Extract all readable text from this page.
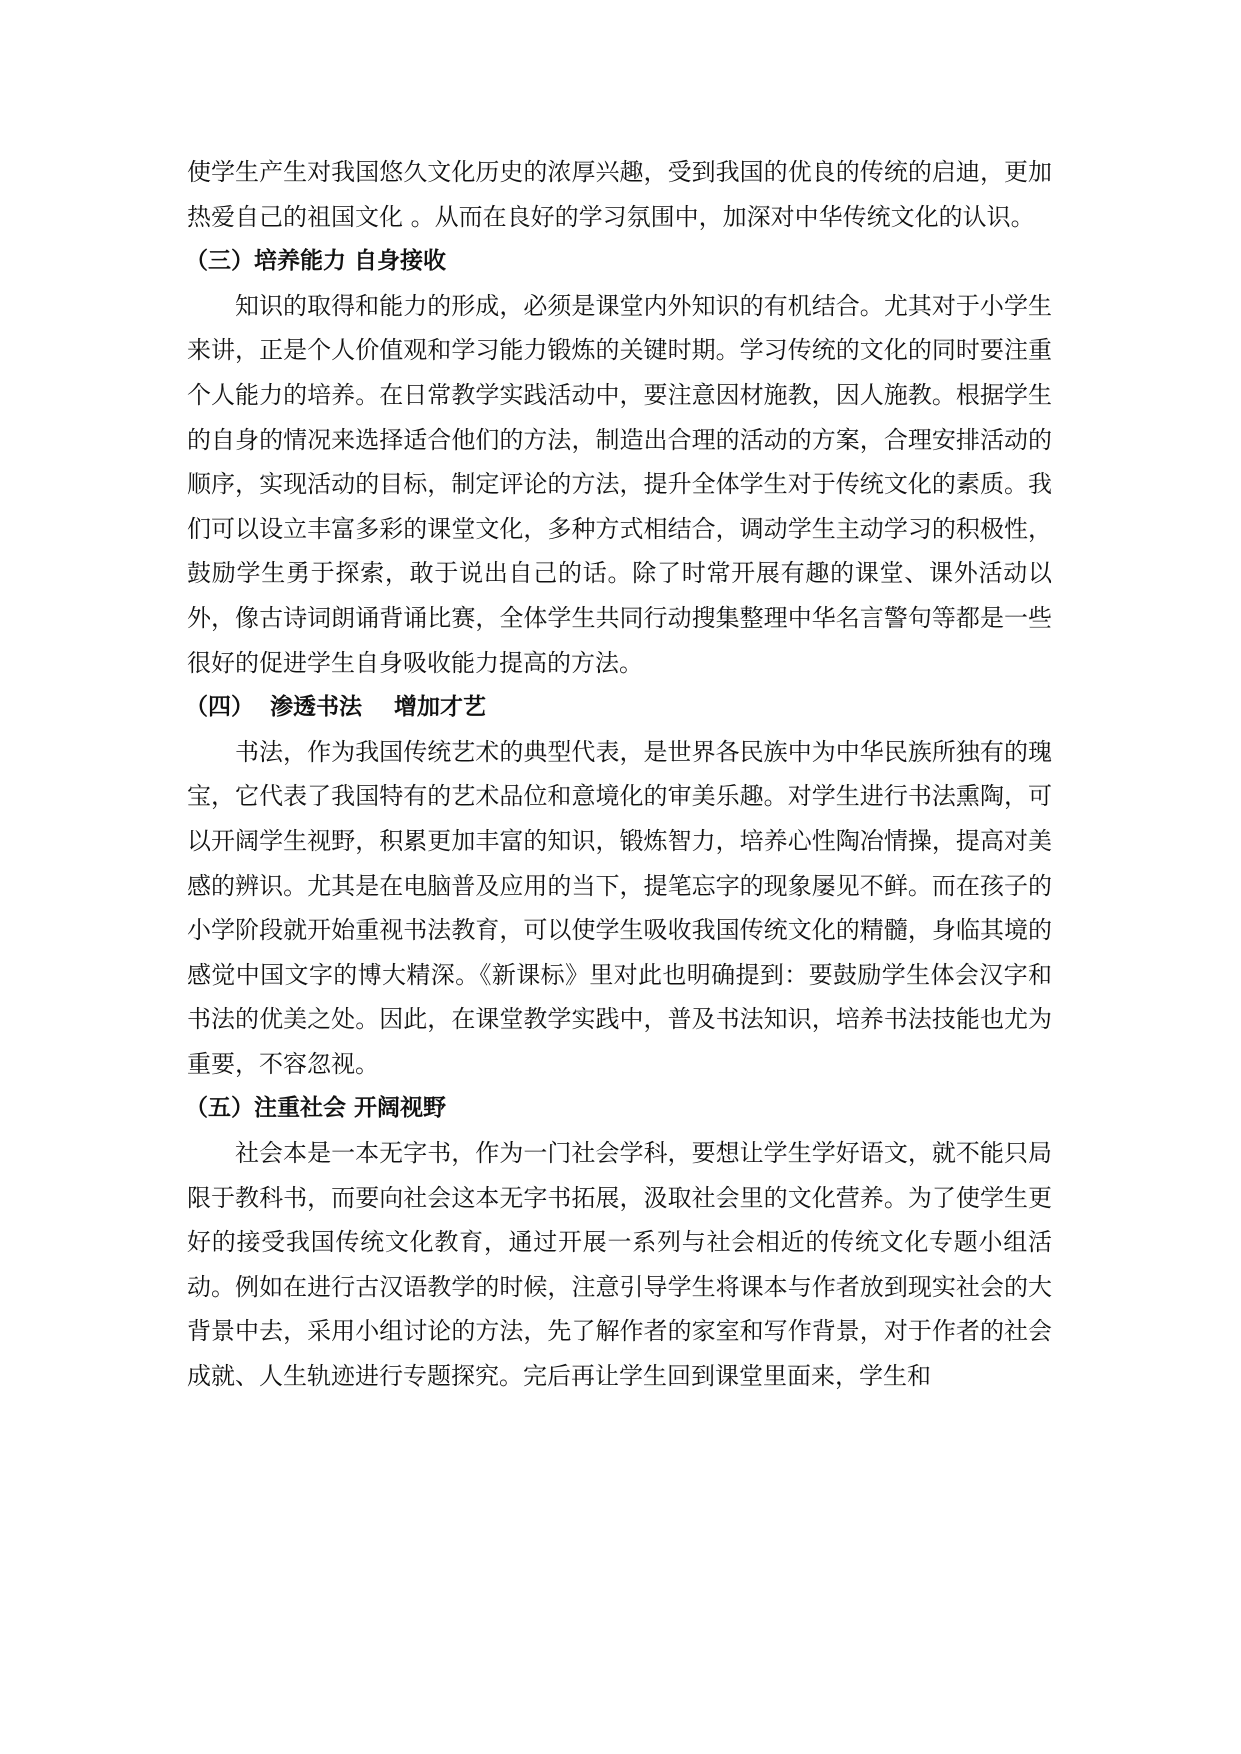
使学生产生对我国悠久文化历史的浓厚兴趣，受到我国的优良的传统的启迪，更加热爱自己的祖国文化 。从而在良好的学习氛围中，加深对中华传统文化的认识。

（三）培养能力 自身接收

知识的取得和能力的形成，必须是课堂内外知识的有机结合。尤其对于小学生来讲，正是个人价值观和学习能力锻炼的关键时期。学习传统的文化的同时要注重个人能力的培养。在日常教学实践活动中，要注意因材施教，因人施教。根据学生的自身的情况来选择适合他们的方法，制造出合理的活动的方案，合理安排活动的顺序，实现活动的目标，制定评论的方法，提升全体学生对于传统文化的素质。我们可以设立丰富多彩的课堂文化，多种方式相结合，调动学生主动学习的积极性，鼓励学生勇于探索，敢于说出自己的话。除了时常开展有趣的课堂、课外活动以外，像古诗词朗诵背诵比赛，全体学生共同行动搜集整理中华名言警句等都是一些很好的促进学生自身吸收能力提高的方法。

（四）  渗透书法    增加才艺

书法，作为我国传统艺术的典型代表，是世界各民族中为中华民族所独有的瑰宝，它代表了我国特有的艺术品位和意境化的审美乐趣。对学生进行书法熏陶，可以开阔学生视野，积累更加丰富的知识，锻炼智力，培养心性陶冶情操，提高对美感的辨识。尤其是在电脑普及应用的当下，提笔忘字的现象屡见不鲜。而在孩子的小学阶段就开始重视书法教育，可以使学生吸收我国传统文化的精髓，身临其境的感觉中国文字的博大精深。《新课标》里对此也明确提到：要鼓励学生体会汉字和书法的优美之处。因此，在课堂教学实践中，普及书法知识，培养书法技能也尤为重要，不容忽视。

（五）注重社会 开阔视野

社会本是一本无字书，作为一门社会学科，要想让学生学好语文，就不能只局限于教科书，而要向社会这本无字书拓展，汲取社会里的文化营养。为了使学生更好的接受我国传统文化教育，通过开展一系列与社会相近的传统文化专题小组活动。例如在进行古汉语教学的时候，注意引导学生将课本与作者放到现实社会的大背景中去，采用小组讨论的方法，先了解作者的家室和写作背景，对于作者的社会成就、人生轨迹进行专题探究。完后再让学生回到课堂里面来，学生和
